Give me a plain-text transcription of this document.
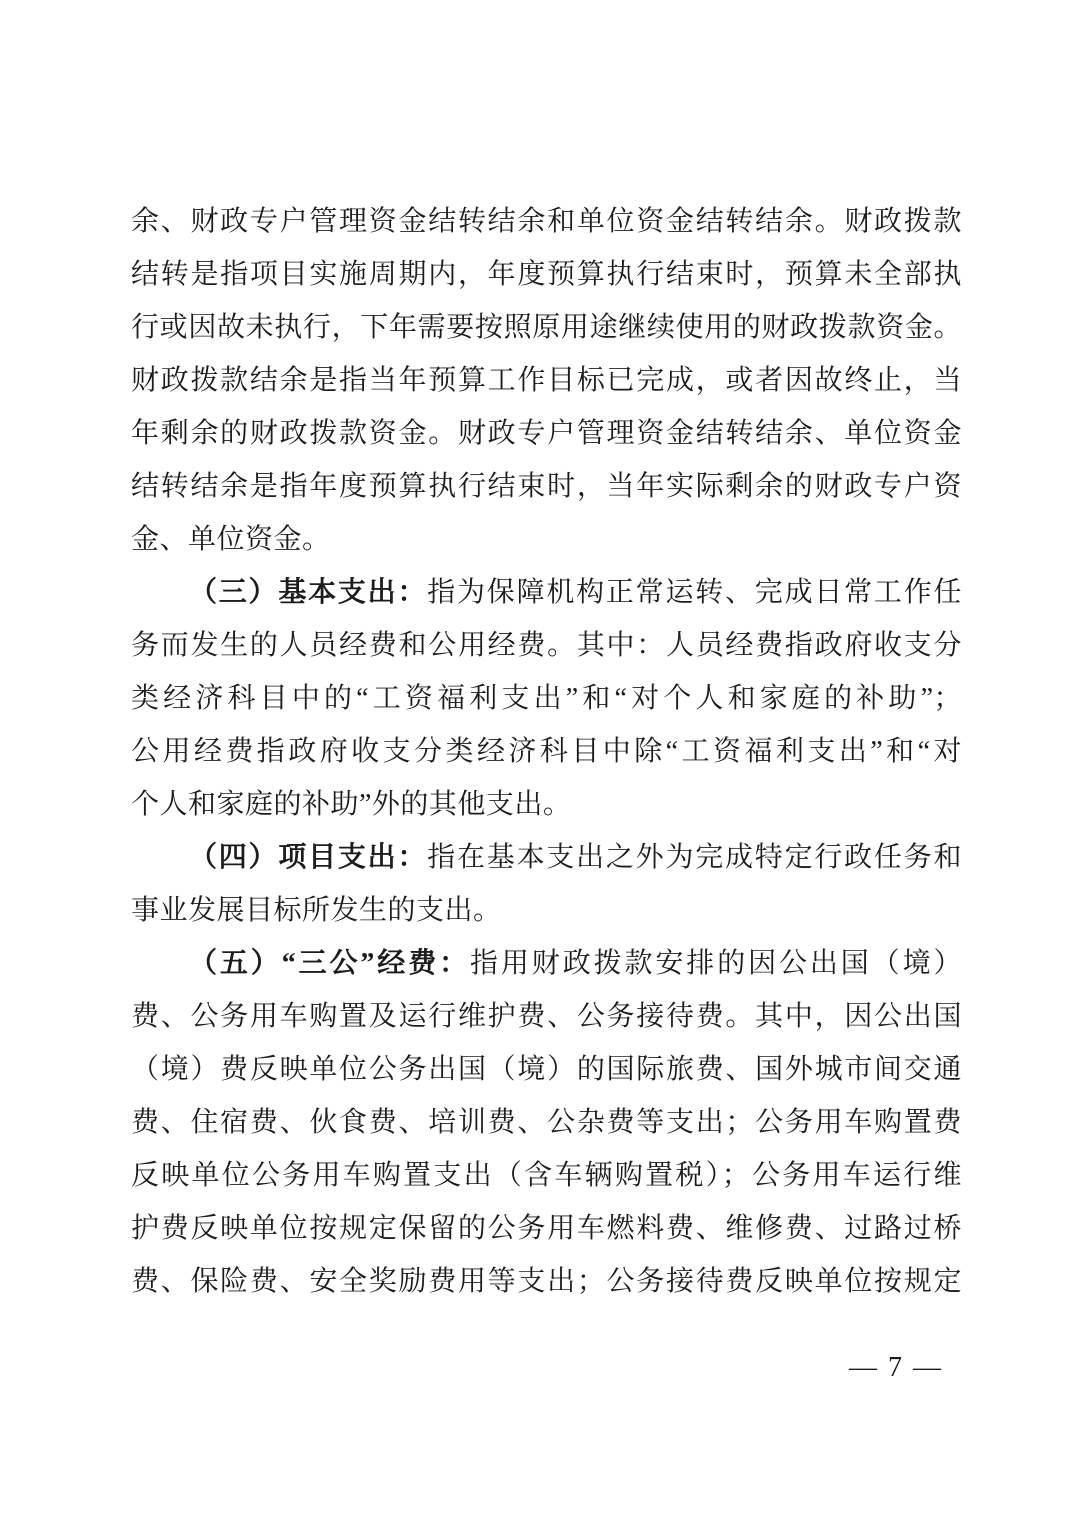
余、财政专户管理资金结转结余和单位资金结转结余。财政拨款
结转是指项目实施周期内，年度预算执行结束时，预算未全部执
行或因故未执行，下年需要按照原用途继续使用的财政拨款资金。
财政拨款结余是指当年预算工作目标已完成，或者因故终止，当
年剩余的财政拨款资金。财政专户管理资金结转结余、单位资金
结转结余是指年度预算执行结束时，当年实际剩余的财政专户资
金、单位资金。
（三）基本支出：指为保障机构正常运转、完成日常工作任
务而发生的人员经费和公用经费。其中：人员经费指政府收支分
类经济科目中的“工资福利支出”和“对个人和家庭的补助”；
公用经费指政府收支分类经济科目中除“工资福利支出”和“对
个人和家庭的补助”外的其他支出。
（四）项目支出：指在基本支出之外为完成特定行政任务和
事业发展目标所发生的支出。
（五）“三公”经费：指用财政拨款安排的因公出国（境）
费、公务用车购置及运行维护费、公务接待费。其中，因公出国
（境）费反映单位公务出国（境）的国际旅费、国外城市间交通
费、住宿费、伙食费、培训费、公杂费等支出；公务用车购置费
反映单位公务用车购置支出（含车辆购置税）；公务用车运行维
护费反映单位按规定保留的公务用车燃料费、维修费、过路过桥
费、保险费、安全奖励费用等支出；公务接待费反映单位按规定
— 7 —
